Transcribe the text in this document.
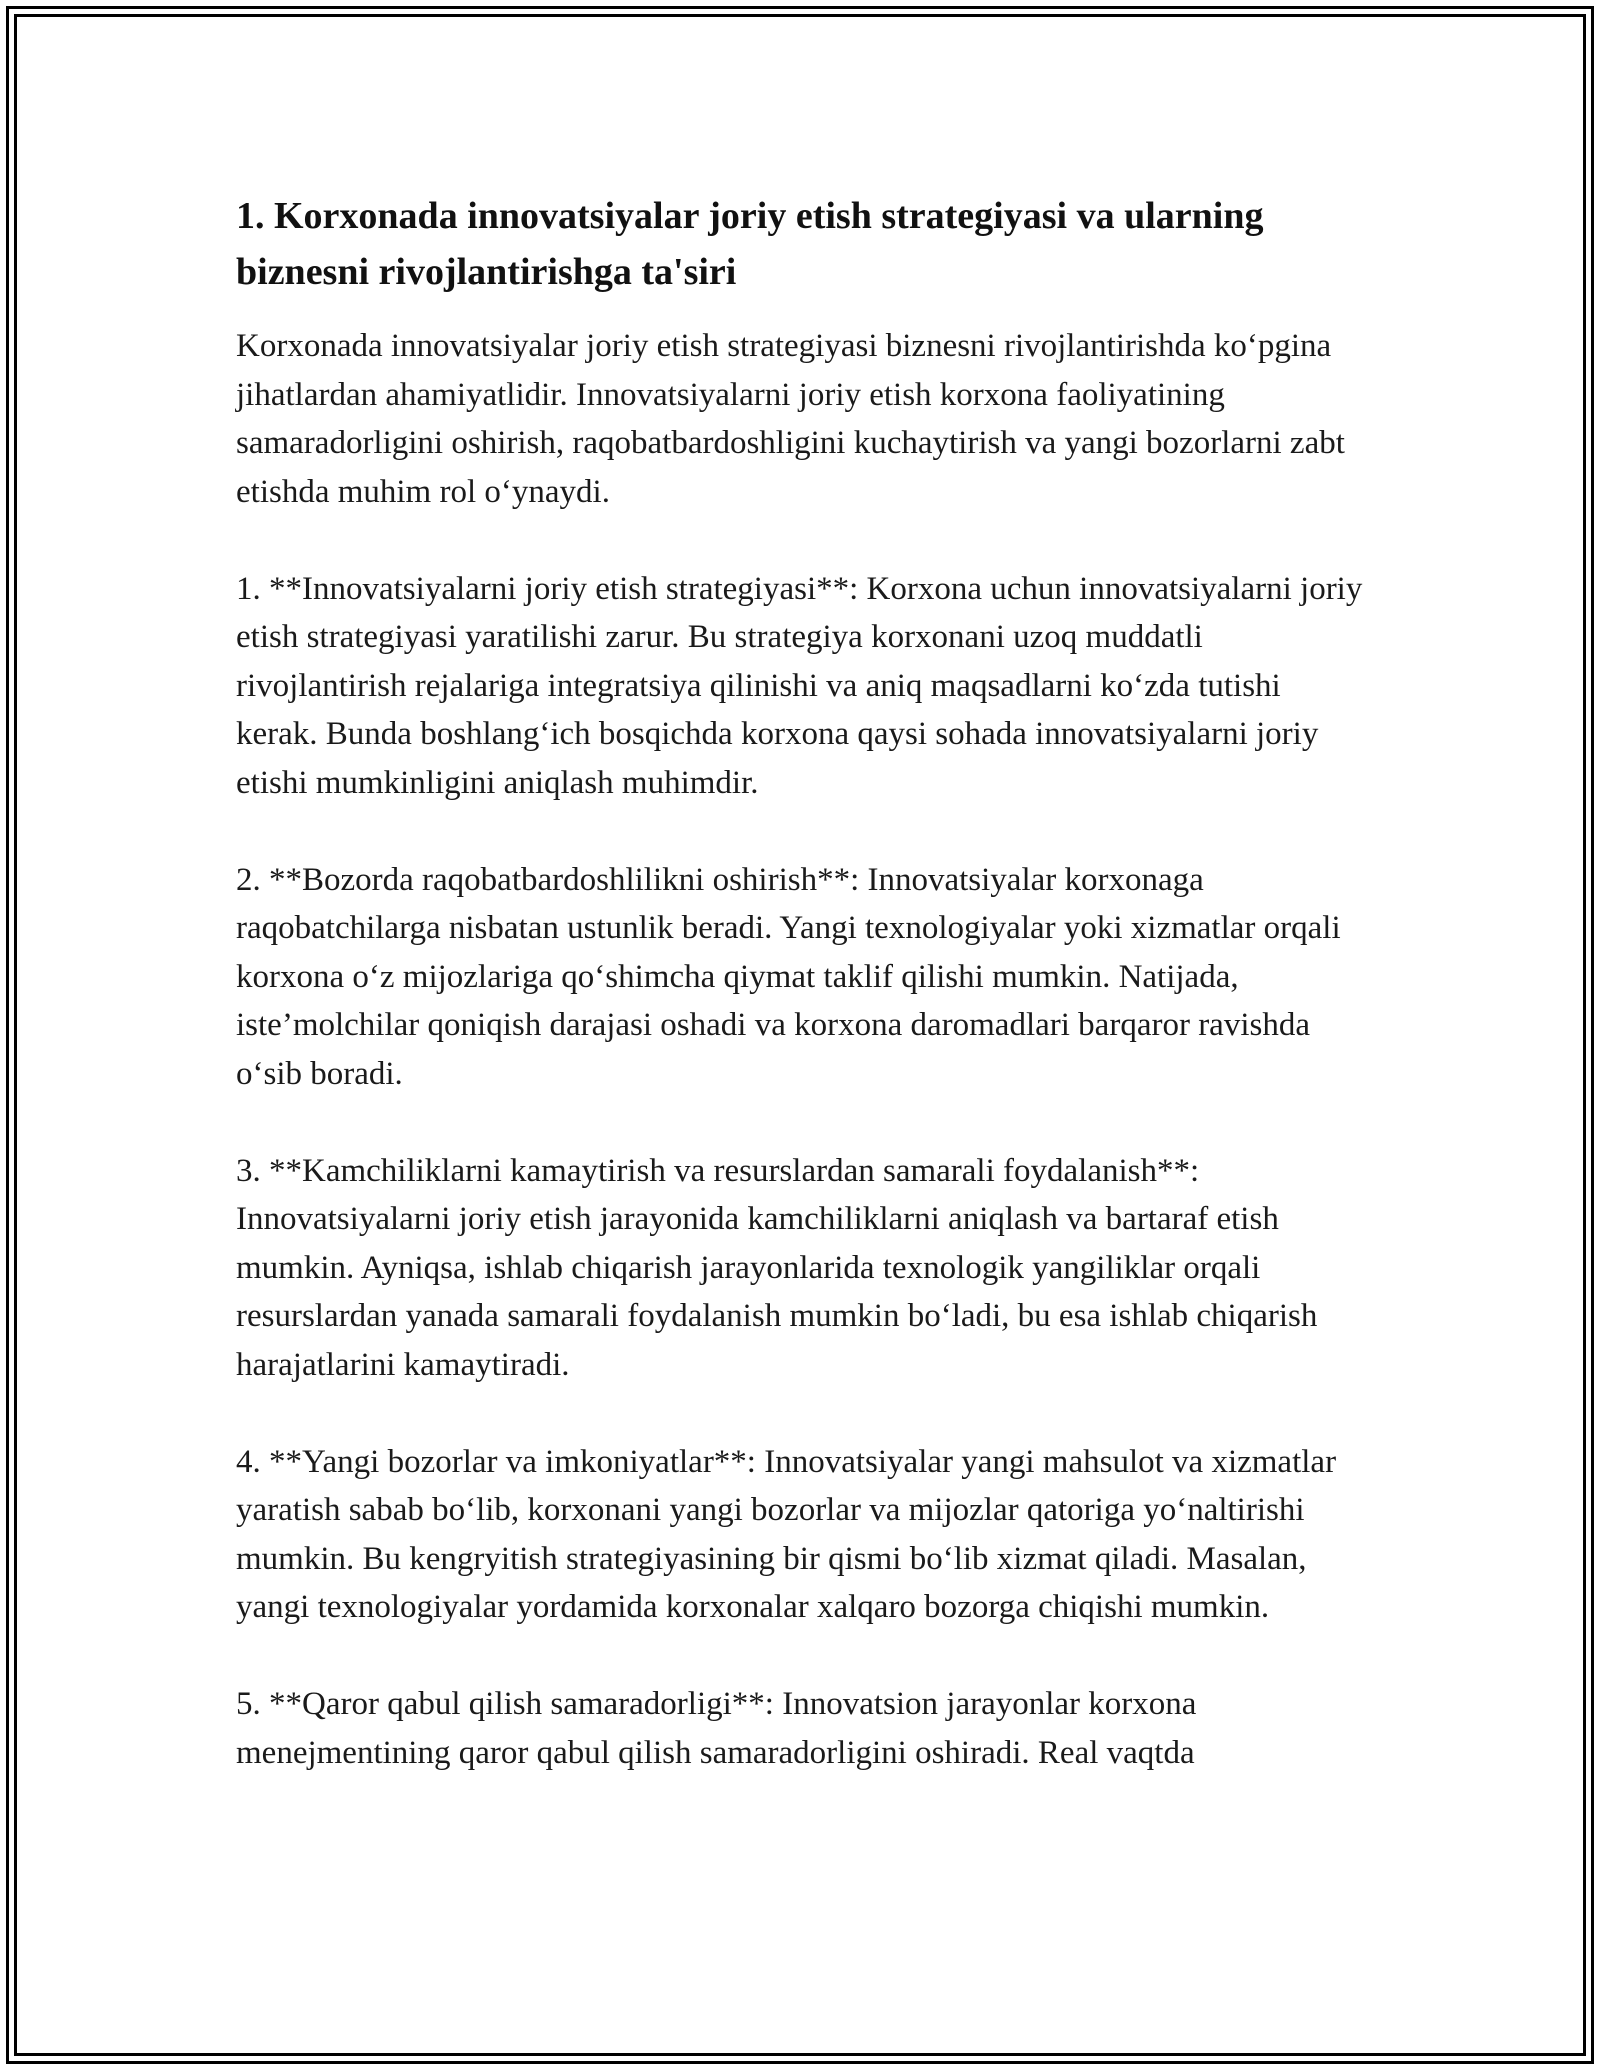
1. Korxonada innovatsiyalar joriy etish strategiyasi va ularning biznesni rivojlantirishga ta'siri

Korxonada innovatsiyalar joriy etish strategiyasi biznesni rivojlantirishda ko‘pgina jihatlardan ahamiyatlidir. Innovatsiyalarni joriy etish korxona faoliyatining samaradorligini oshirish, raqobatbardoshligini kuchaytirish va yangi bozorlarni zabt etishda muhim rol o‘ynaydi.

1. **Innovatsiyalarni joriy etish strategiyasi**: Korxona uchun innovatsiyalarni joriy etish strategiyasi yaratilishi zarur. Bu strategiya korxonani uzoq muddatli rivojlantirish rejalariga integratsiya qilinishi va aniq maqsadlarni ko‘zda tutishi kerak. Bunda boshlang‘ich bosqichda korxona qaysi sohada innovatsiyalarni joriy etishi mumkinligini aniqlash muhimdir.

2. **Bozorda raqobatbardoshlilikni oshirish**: Innovatsiyalar korxonaga raqobatchilarga nisbatan ustunlik beradi. Yangi texnologiyalar yoki xizmatlar orqali korxona o‘z mijozlariga qo‘shimcha qiymat taklif qilishi mumkin. Natijada, iste’molchilar qoniqish darajasi oshadi va korxona daromadlari barqaror ravishda o‘sib boradi.

3. **Kamchiliklarni kamaytirish va resurslardan samarali foydalanish**: Innovatsiyalarni joriy etish jarayonida kamchiliklarni aniqlash va bartaraf etish mumkin. Ayniqsa, ishlab chiqarish jarayonlarida texnologik yangiliklar orqali resurslardan yanada samarali foydalanish mumkin bo‘ladi, bu esa ishlab chiqarish harajatlarini kamaytiradi.

4. **Yangi bozorlar va imkoniyatlar**: Innovatsiyalar yangi mahsulot va xizmatlar yaratish sabab bo‘lib, korxonani yangi bozorlar va mijozlar qatoriga yo‘naltirishi mumkin. Bu kengryitish strategiyasining bir qismi bo‘lib xizmat qiladi. Masalan, yangi texnologiyalar yordamida korxonalar xalqaro bozorga chiqishi mumkin.

5. **Qaror qabul qilish samaradorligi**: Innovatsion jarayonlar korxona menejmentining qaror qabul qilish samaradorligini oshiradi. Real vaqtda
